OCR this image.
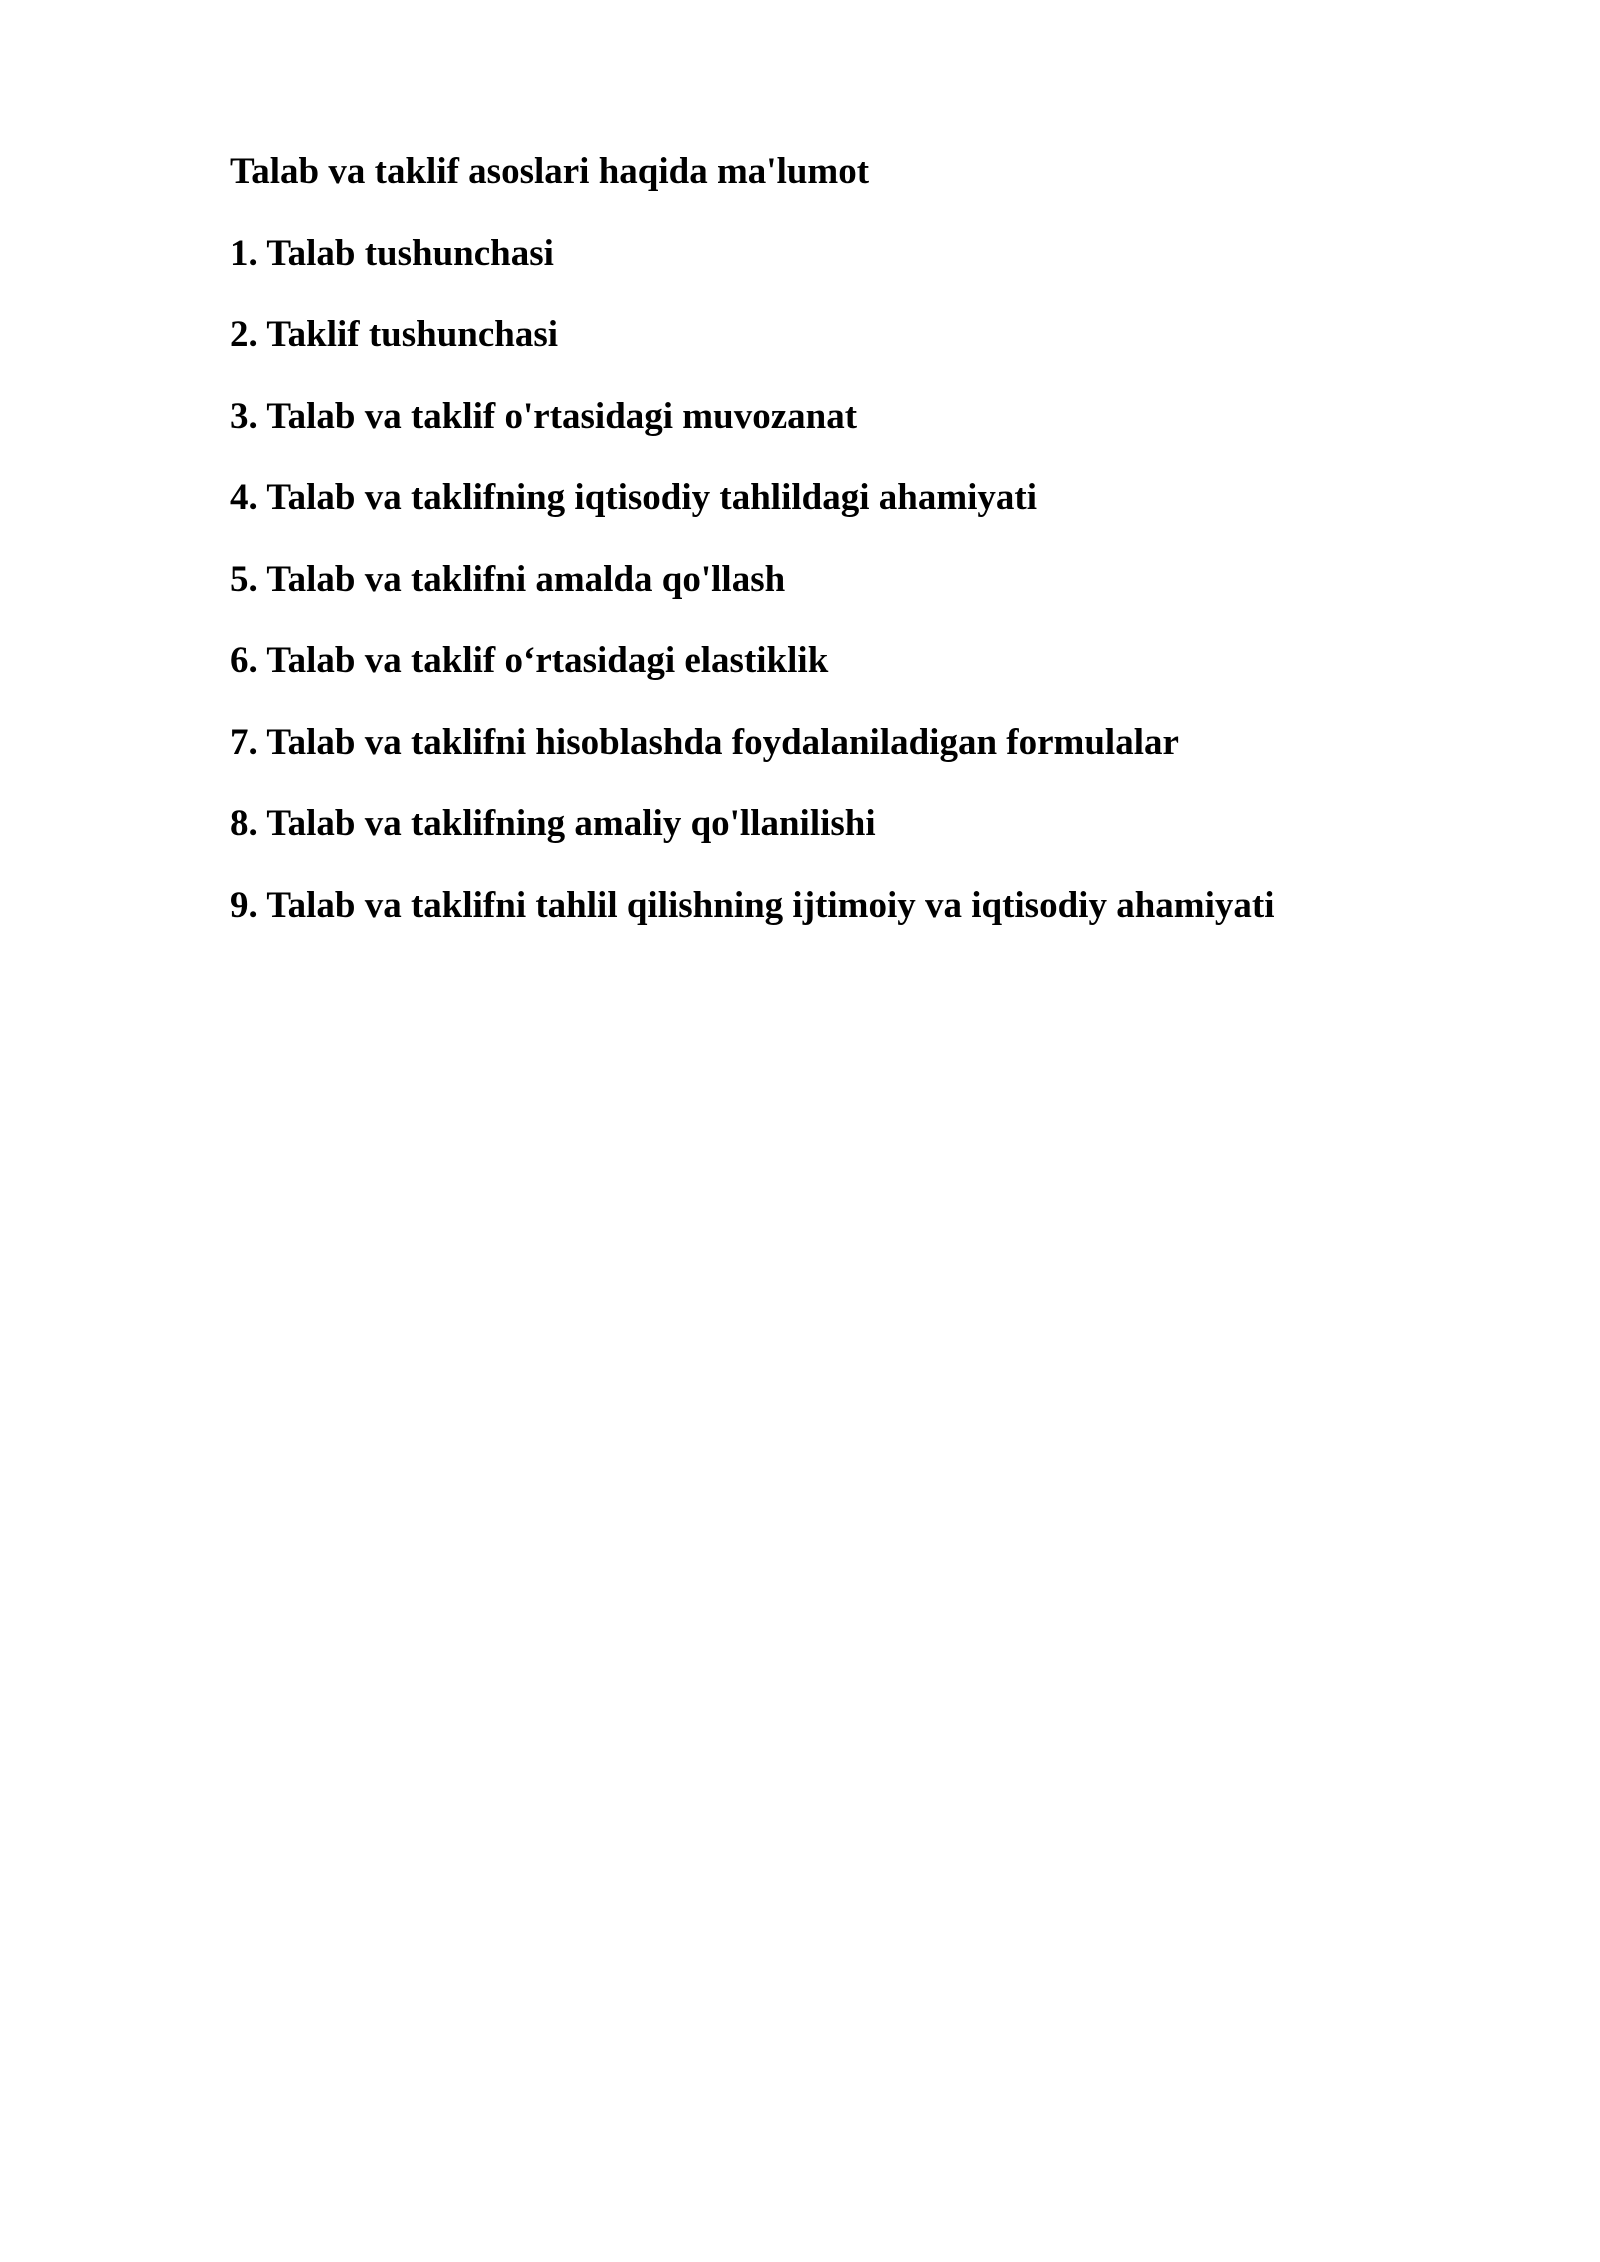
Talab va taklif asoslari haqida ma'lumot

1. Talab tushunchasi

2. Taklif tushunchasi

3. Talab va taklif o'rtasidagi muvozanat

4. Talab va taklifning iqtisodiy tahlildagi ahamiyati

5. Talab va taklifni amalda qo'llash

6. Talab va taklif o‘rtasidagi elastiklik

7. Talab va taklifni hisoblashda foydalaniladigan formulalar

8. Talab va taklifning amaliy qo'llanilishi

9. Talab va taklifni tahlil qilishning ijtimoiy va iqtisodiy ahamiyati
